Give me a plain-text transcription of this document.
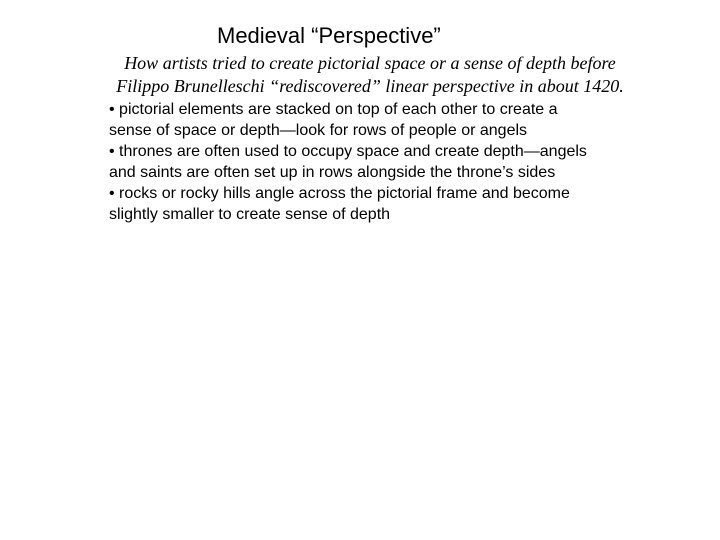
Medieval “Perspective”
How artists tried to create pictorial space or a sense of depth before
Filippo Brunelleschi “rediscovered” linear perspective in about 1420.
• pictorial elements are stacked on top of each other to create a
sense of space or depth—look for rows of people or angels
• thrones are often used to occupy space and create depth—angels
and saints are often set up in rows alongside the throne’s sides
• rocks or rocky hills angle across the pictorial frame and become
slightly smaller to create sense of depth
